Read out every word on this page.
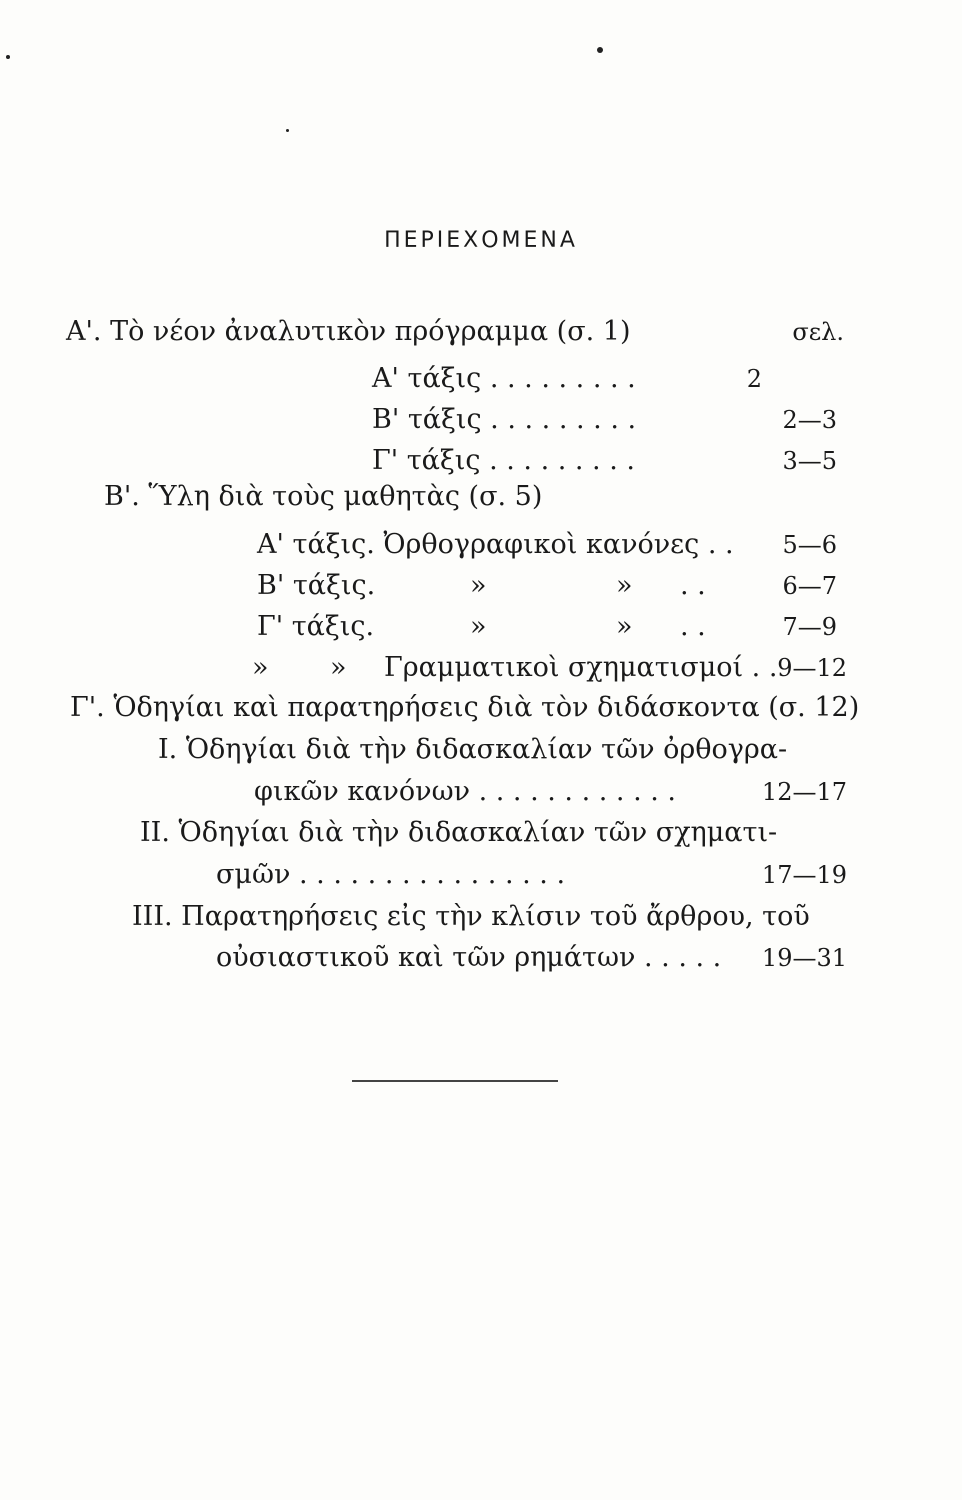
ΠΕΡΙΕΧΟΜΕΝΑ
σελ.
Α'. Τὸ νέον ἀναλυτικὸν πρόγραμμα (σ. 1)
Α' τάξις . . . . . . . . .	2
Β' τάξις . . . . . . . . .	2—3
Γ' τάξις . . . . . . . . .	3—5
Β'. Ὕλη διὰ τοὺς μαθητὰς (σ. 5)
Α' τάξις. Ὀρθογραφικοὶ κανόνες . . 5—6
Β' τάξις.	»	» . .	6—7
Γ' τάξις.	»	» . .	7—9
» » Γραμματικοὶ σχηματισμοί . . 9—12
Γ'. Ὁδηγίαι καὶ παρατηρήσεις διὰ τὸν διδάσκοντα (σ. 12)
I. Ὁδηγίαι διὰ τὴν διδασκαλίαν τῶν ὀρθογρα-
φικῶν κανόνων . . . . . . . . . . . .	12—17
II. Ὁδηγίαι διὰ τὴν διδασκαλίαν τῶν σχηματι-
σμῶν . . . . . . . . . . . . . . . .	17—19
III. Παρατηρήσεις εἰς τὴν κλίσιν τοῦ ἄρθρου, τοῦ
οὐσιαστικοῦ καὶ τῶν ρημάτων . . . . . 19—31
